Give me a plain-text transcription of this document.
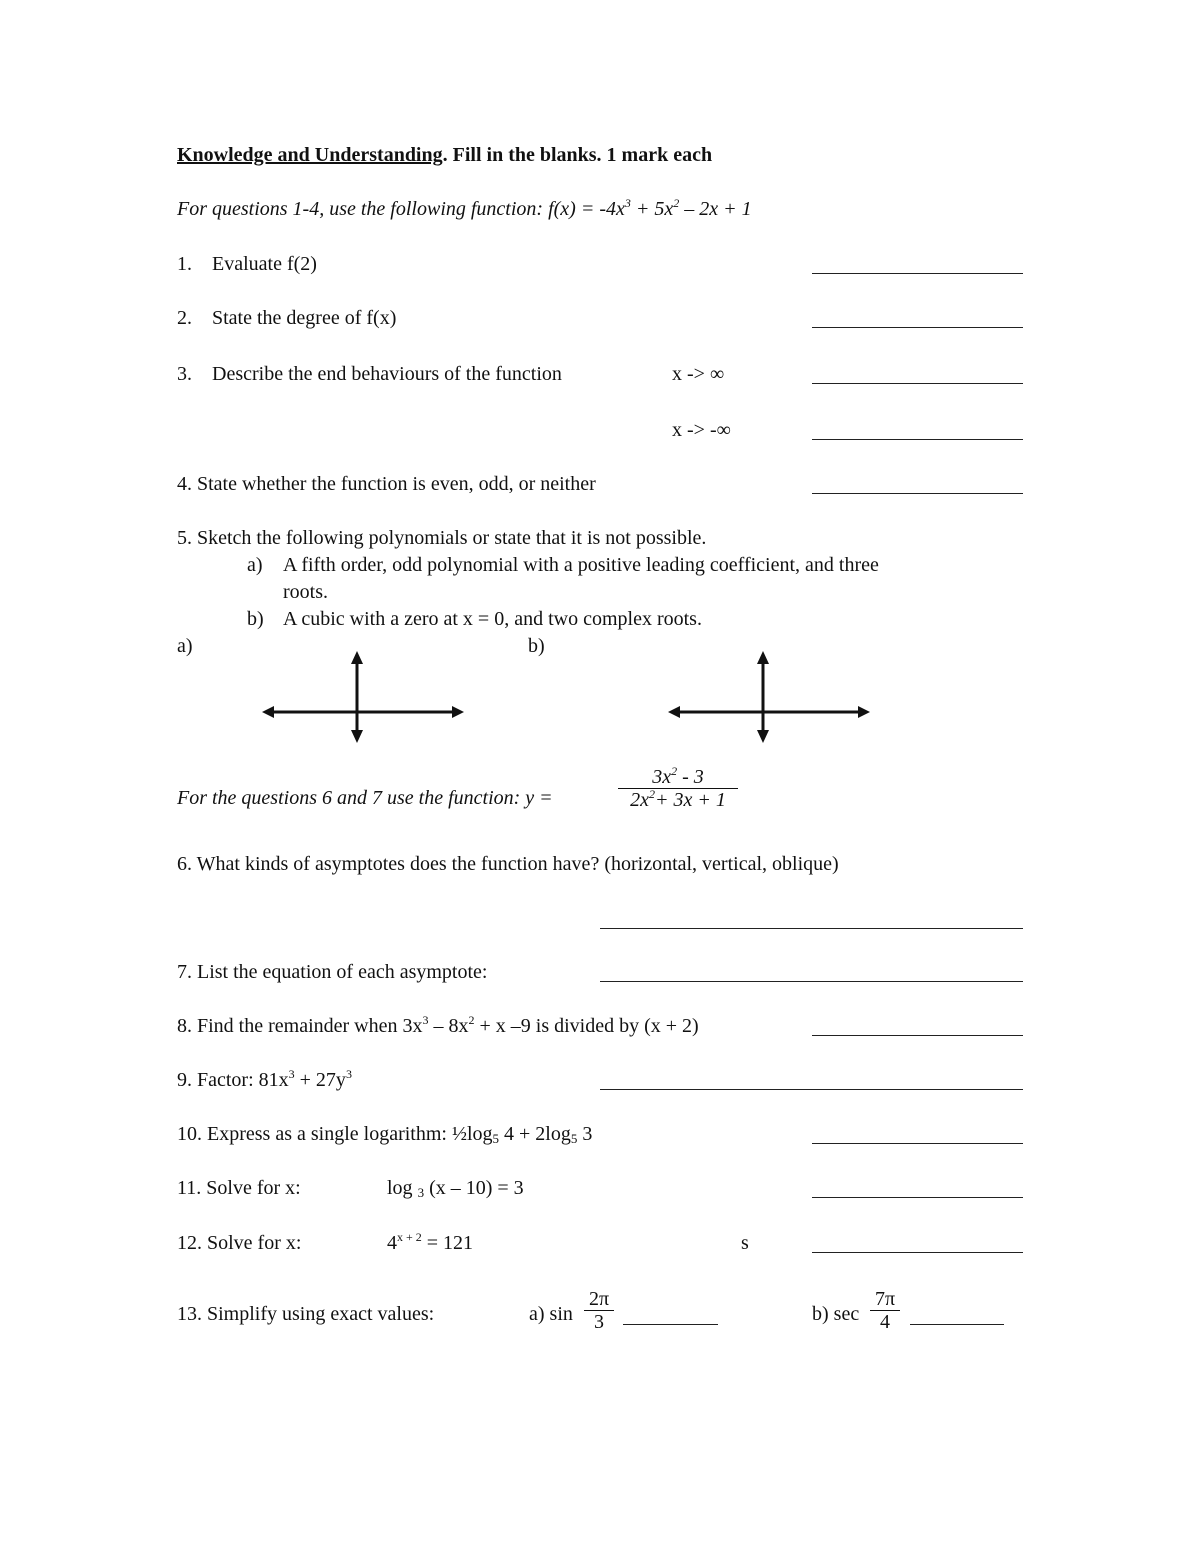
Knowledge and Understanding. Fill in the blanks. 1 mark each
For questions 1-4, use the following function: $f(x) = -4x^3 + 5x^2 - 2x + 1$
1. Evaluate f(2)
2. State the degree of f(x)
3. Describe the end behaviours of the function	x -> ∞
x -> -∞
4. State whether the function is even, odd, or neither
5. Sketch the following polynomials or state that it is not possible.
a) A fifth order, odd polynomial with a positive leading coefficient, and three
roots.
b) A cubic with a zero at x = 0, and two complex roots.
a)	b)
For the questions 6 and 7 use the function: y =	$\frac{3x^2 - 3}{2x^2+ 3x + 1}$
6. What kinds of asymptotes does the function have? (horizontal, vertical, oblique)
7. List the equation of each asymptote:
8. Find the remainder when $3x^3 - 8x^2 + x$ –9 is divided by (x + 2)
9. Factor: $81x^3 + 27y^3$
10. Express as a single logarithm: $\frac{1}{2}\log_5$ $4 + 2\log_5$ 3
11. Solve for x:	log $_3$ (x – 10) = 3
12. Solve for x:	$4^{x + 2} = 121$	s
13. Simplify using exact values:	a) $\sin \frac{2\pi}{3}$	b) $\sec \frac{7\pi}{4}$
